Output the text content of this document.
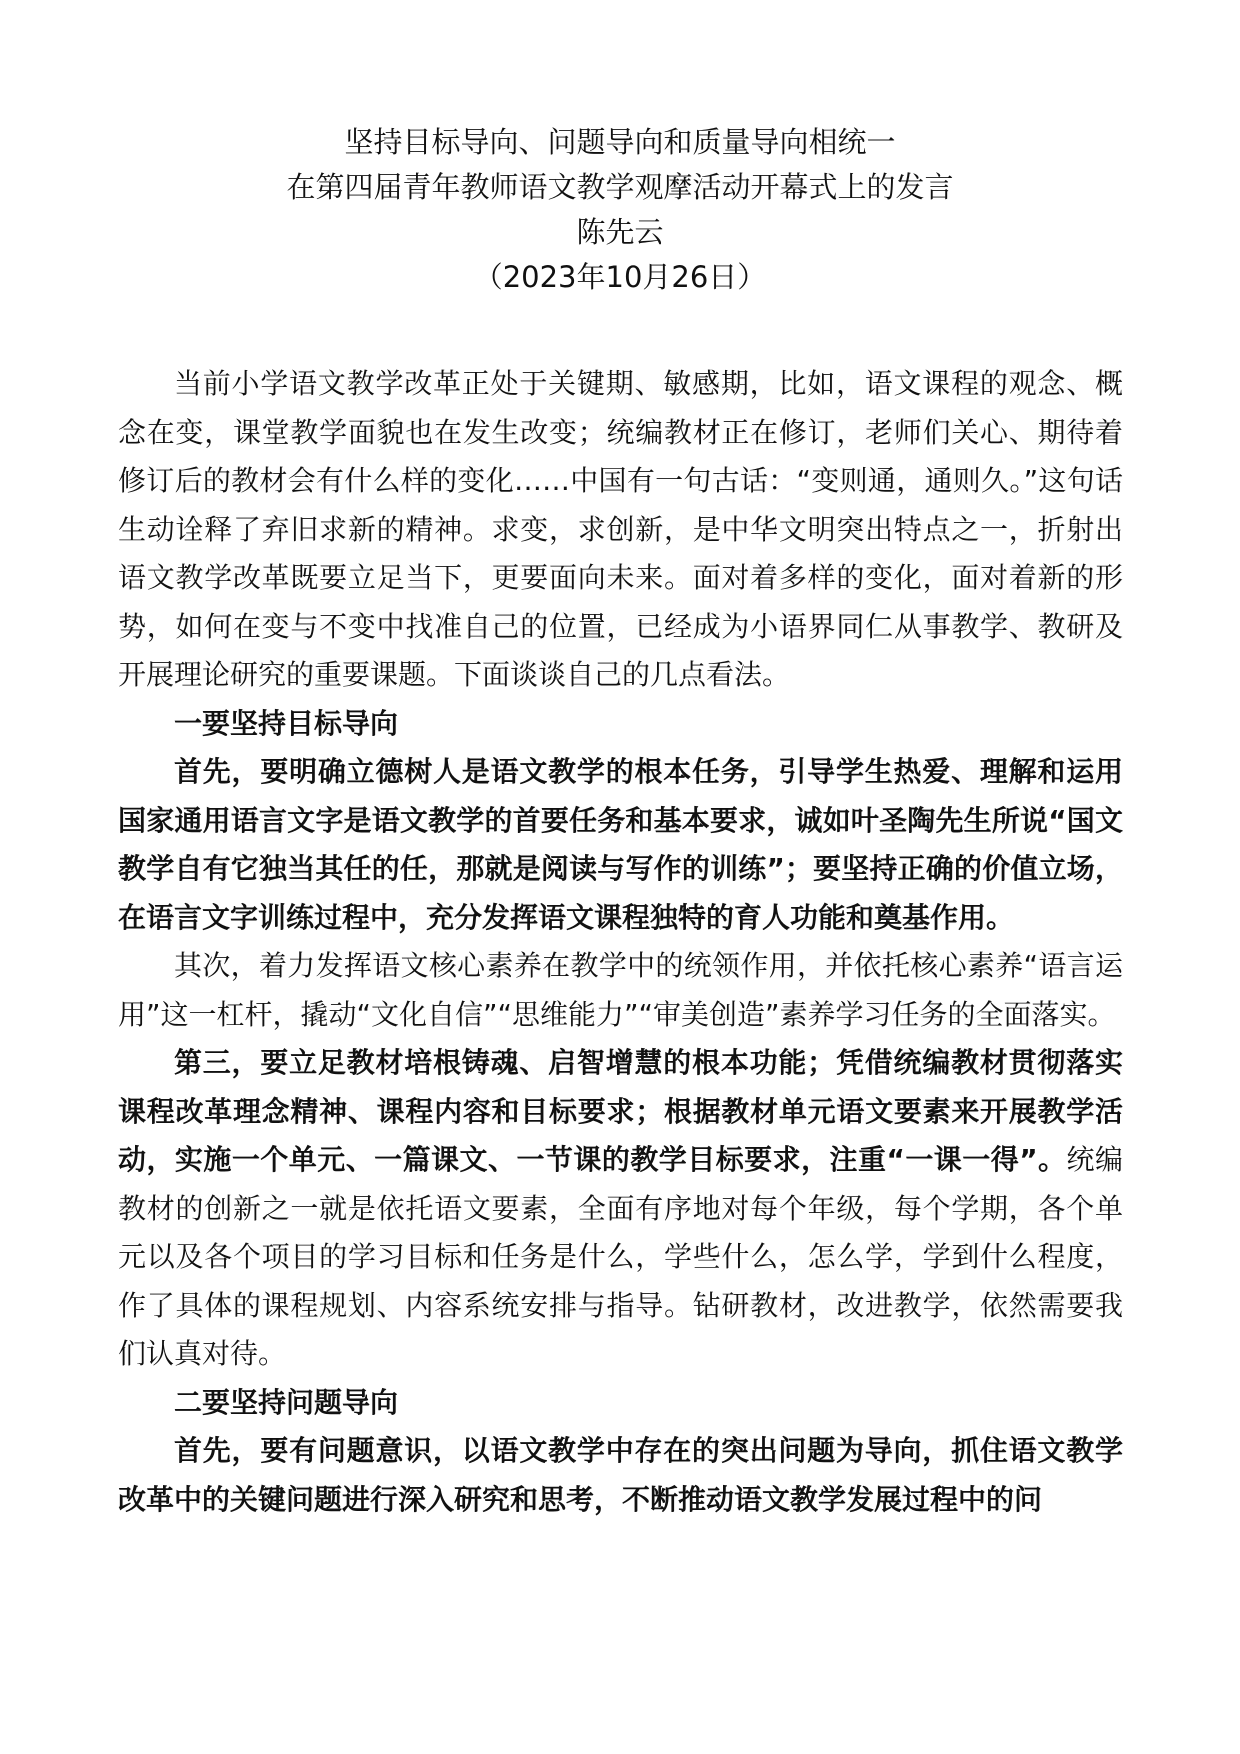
坚持目标导向、问题导向和质量导向相统一

在第四届青年教师语文教学观摩活动开幕式上的发言

陈先云

（2023年10月26日）

当前小学语文教学改革正处于关键期、敏感期，比如，语文课程的观念、概念在变，课堂教学面貌也在发生改变；统编教材正在修订，老师们关心、期待着修订后的教材会有什么样的变化……中国有一句古话：“变则通，通则久。”这句话生动诠释了弃旧求新的精神。求变，求创新，是中华文明突出特点之一，折射出语文教学改革既要立足当下，更要面向未来。面对着多样的变化，面对着新的形势，如何在变与不变中找准自己的位置，已经成为小语界同仁从事教学、教研及开展理论研究的重要课题。下面谈谈自己的几点看法。

一要坚持目标导向

首先，要明确立德树人是语文教学的根本任务，引导学生热爱、理解和运用国家通用语言文字是语文教学的首要任务和基本要求，诚如叶圣陶先生所说“国文教学自有它独当其任的任，那就是阅读与写作的训练”；要坚持正确的价值立场，在语言文字训练过程中，充分发挥语文课程独特的育人功能和奠基作用。

其次，着力发挥语文核心素养在教学中的统领作用，并依托核心素养“语言运用”这一杠杆，撬动“文化自信”“思维能力”“审美创造”素养学习任务的全面落实。

第三，要立足教材培根铸魂、启智增慧的根本功能；凭借统编教材贯彻落实课程改革理念精神、课程内容和目标要求；根据教材单元语文要素来开展教学活动，实施一个单元、一篇课文、一节课的教学目标要求，注重“一课一得”。统编教材的创新之一就是依托语文要素，全面有序地对每个年级，每个学期，各个单元以及各个项目的学习目标和任务是什么，学些什么，怎么学，学到什么程度，作了具体的课程规划、内容系统安排与指导。钻研教材，改进教学，依然需要我们认真对待。

二要坚持问题导向

首先，要有问题意识，以语文教学中存在的突出问题为导向，抓住语文教学改革中的关键问题进行深入研究和思考，不断推动语文教学发展过程中的问
